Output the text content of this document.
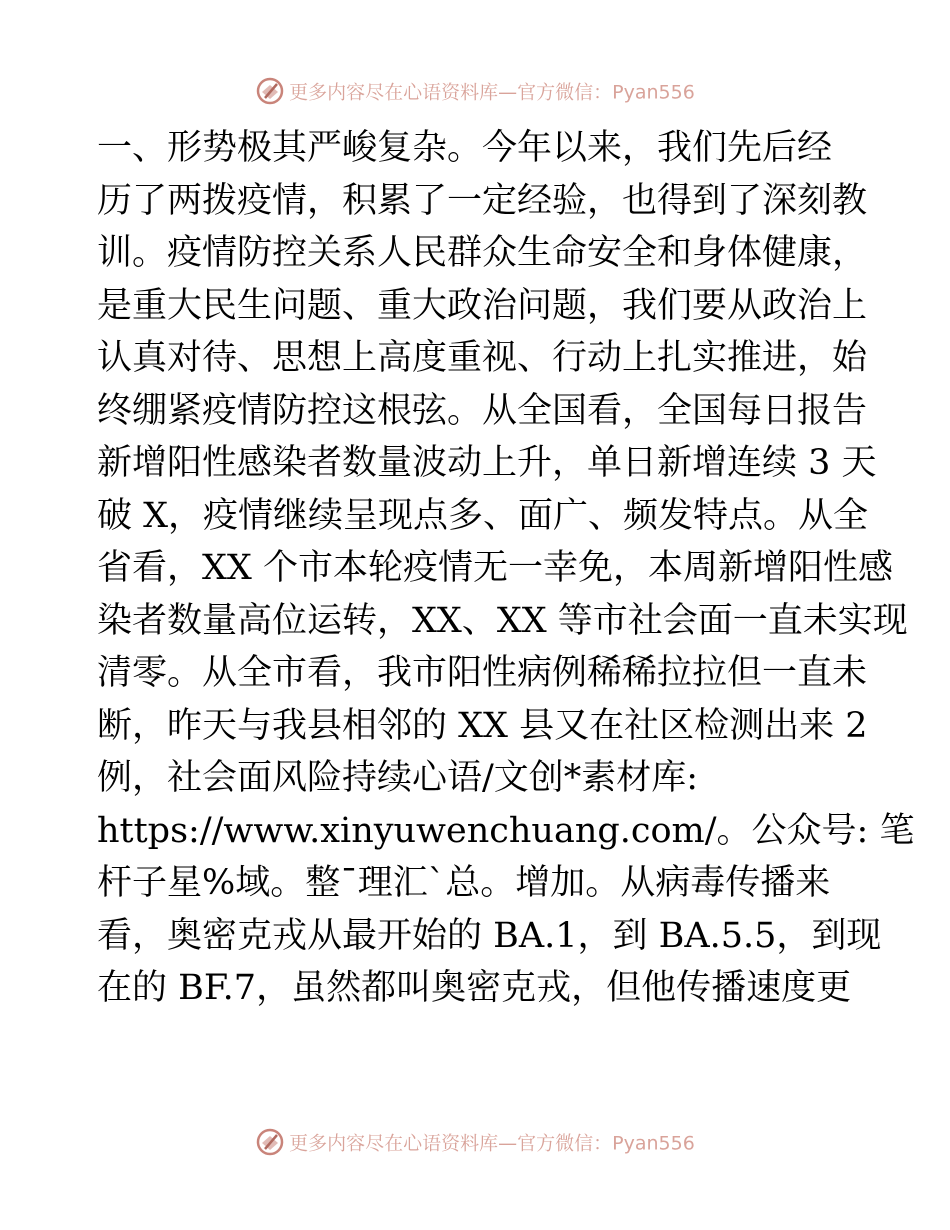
更多内容尽在心语资料库—官方微信：Pyan556
一、形势极其严峻复杂。今年以来，我们先后经
历了两拨疫情，积累了一定经验，也得到了深刻教
训。疫情防控关系人民群众生命安全和身体健康，
是重大民生问题、重大政治问题，我们要从政治上
认真对待、思想上高度重视、行动上扎实推进，始
终绷紧疫情防控这根弦。从全国看，全国每日报告
新增阳性感染者数量波动上升，单日新增连续 3 天
破 X，疫情继续呈现点多、面广、频发特点。从全
省看，XX 个市本轮疫情无一幸免，本周新增阳性感
染者数量高位运转，XX、XX 等市社会面一直未实现
清零。从全市看，我市阳性病例稀稀拉拉但一直未
断，昨天与我县相邻的 XX 县又在社区检测出来 2
例，社会面风险持续心语/文创*素材库:
https://www.xinyuwenchuang.com/。公众号: 笔
杆子星%域。整¯理汇`总。增加。从病毒传播来
看，奥密克戎从最开始的 BA.1，到 BA.5.5，到现
在的 BF.7，虽然都叫奥密克戎，但他传播速度更
更多内容尽在心语资料库—官方微信：Pyan556
